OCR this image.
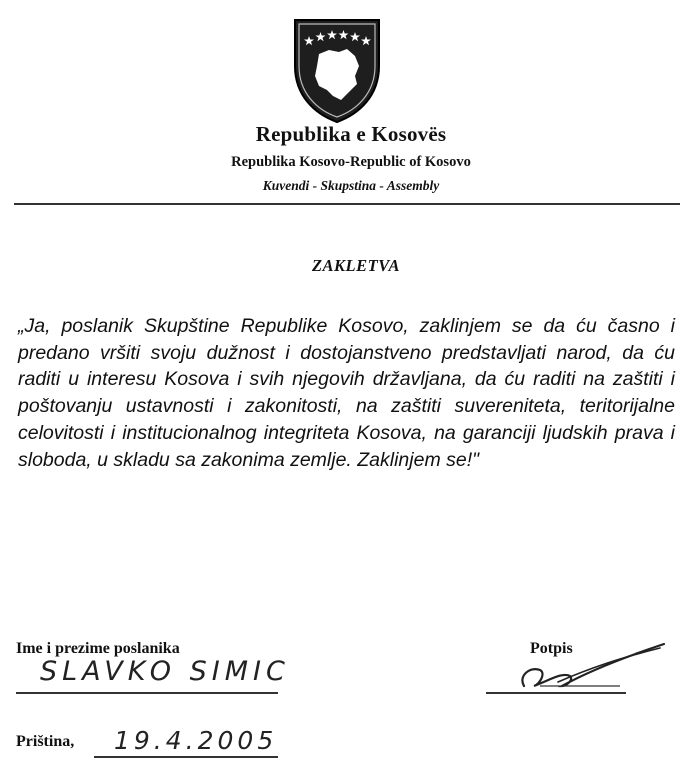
Republika e Kosovës
Republika Kosovo-Republic of Kosovo
Kuvendi - Skupstina - Assembly
ZAKLETVA

„Ja, poslanik Skupštine Republike Kosovo, zaklinjem se da ću časno i predano vršiti svoju dužnost i dostojanstveno predstavljati narod, da ću raditi u interesu Kosova i svih njegovih državljana, da ću raditi na zaštiti i poštovanju ustavnosti i zakonitosti, na zaštiti suvereniteta, teritorijalne celovitosti i institucionalnog integriteta Kosova, na garanciji ljudskih prava i sloboda, u skladu sa zakonima zemlje. Zaklinjem se!"

Ime i prezime poslanika
SLAVKO SIMIC
Potpis
Priština, 19.4.2005
